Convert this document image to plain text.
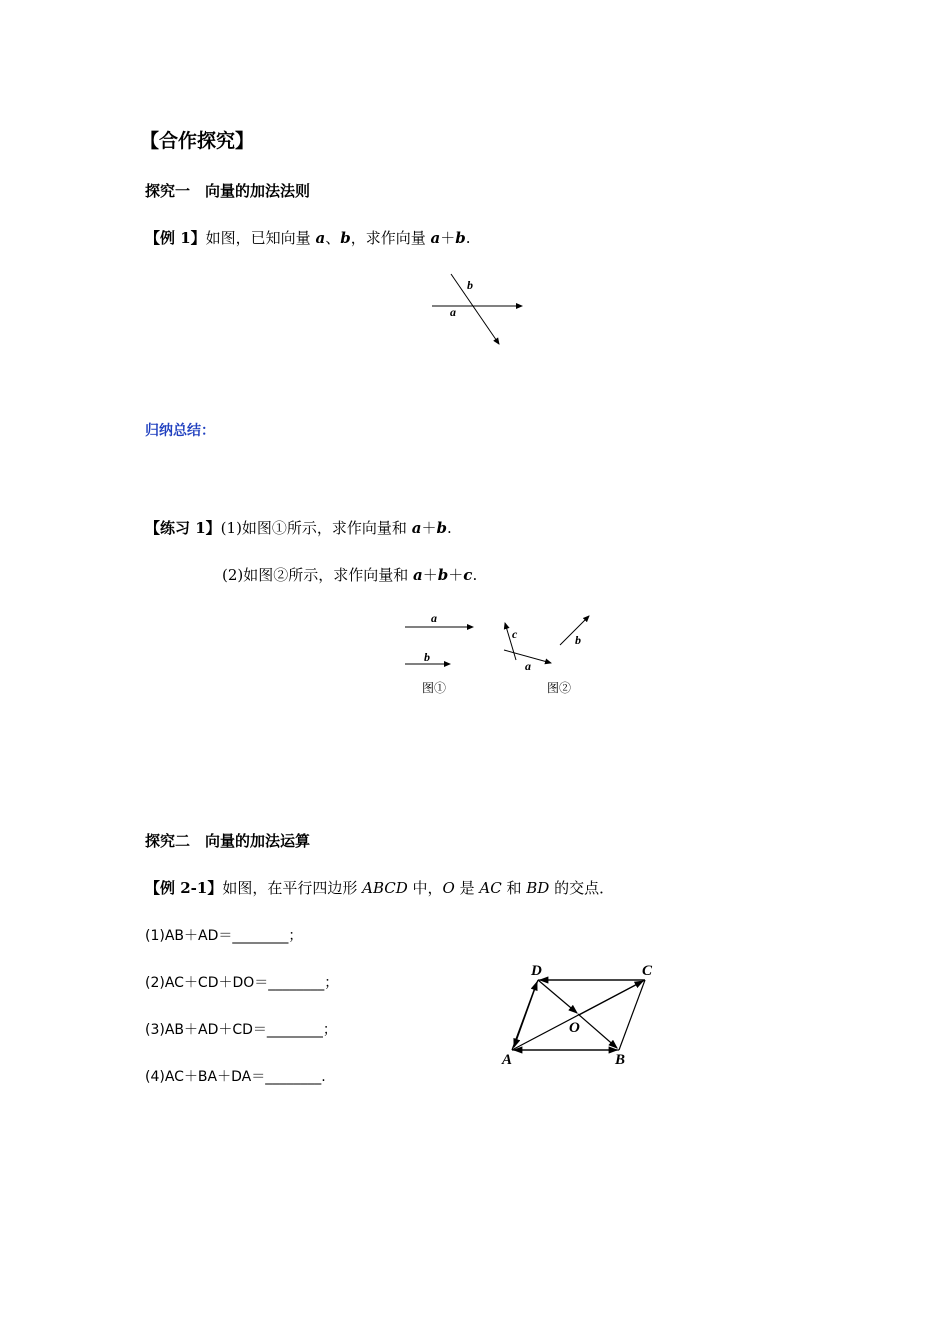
【合作探究】
探究一　向量的加法法则
【例 1】如图，已知向量 a、b，求作向量 a＋b.
b
a
归纳总结：
【练习 1】(1)如图①所示，求作向量和 a＋b.
(2)如图②所示，求作向量和 a＋b＋c.
a
b
图①
c
a
b
图②
探究二　向量的加法运算
【例 2-1】如图，在平行四边形 ABCD 中，O 是 AC 和 BD 的交点．
(1)AB＋AD＝________；
(2)AC＋CD＋DO＝________；
(3)AB＋AD＋CD＝________；
(4)AC＋BA＋DA＝________.
D	C
O
A	B
